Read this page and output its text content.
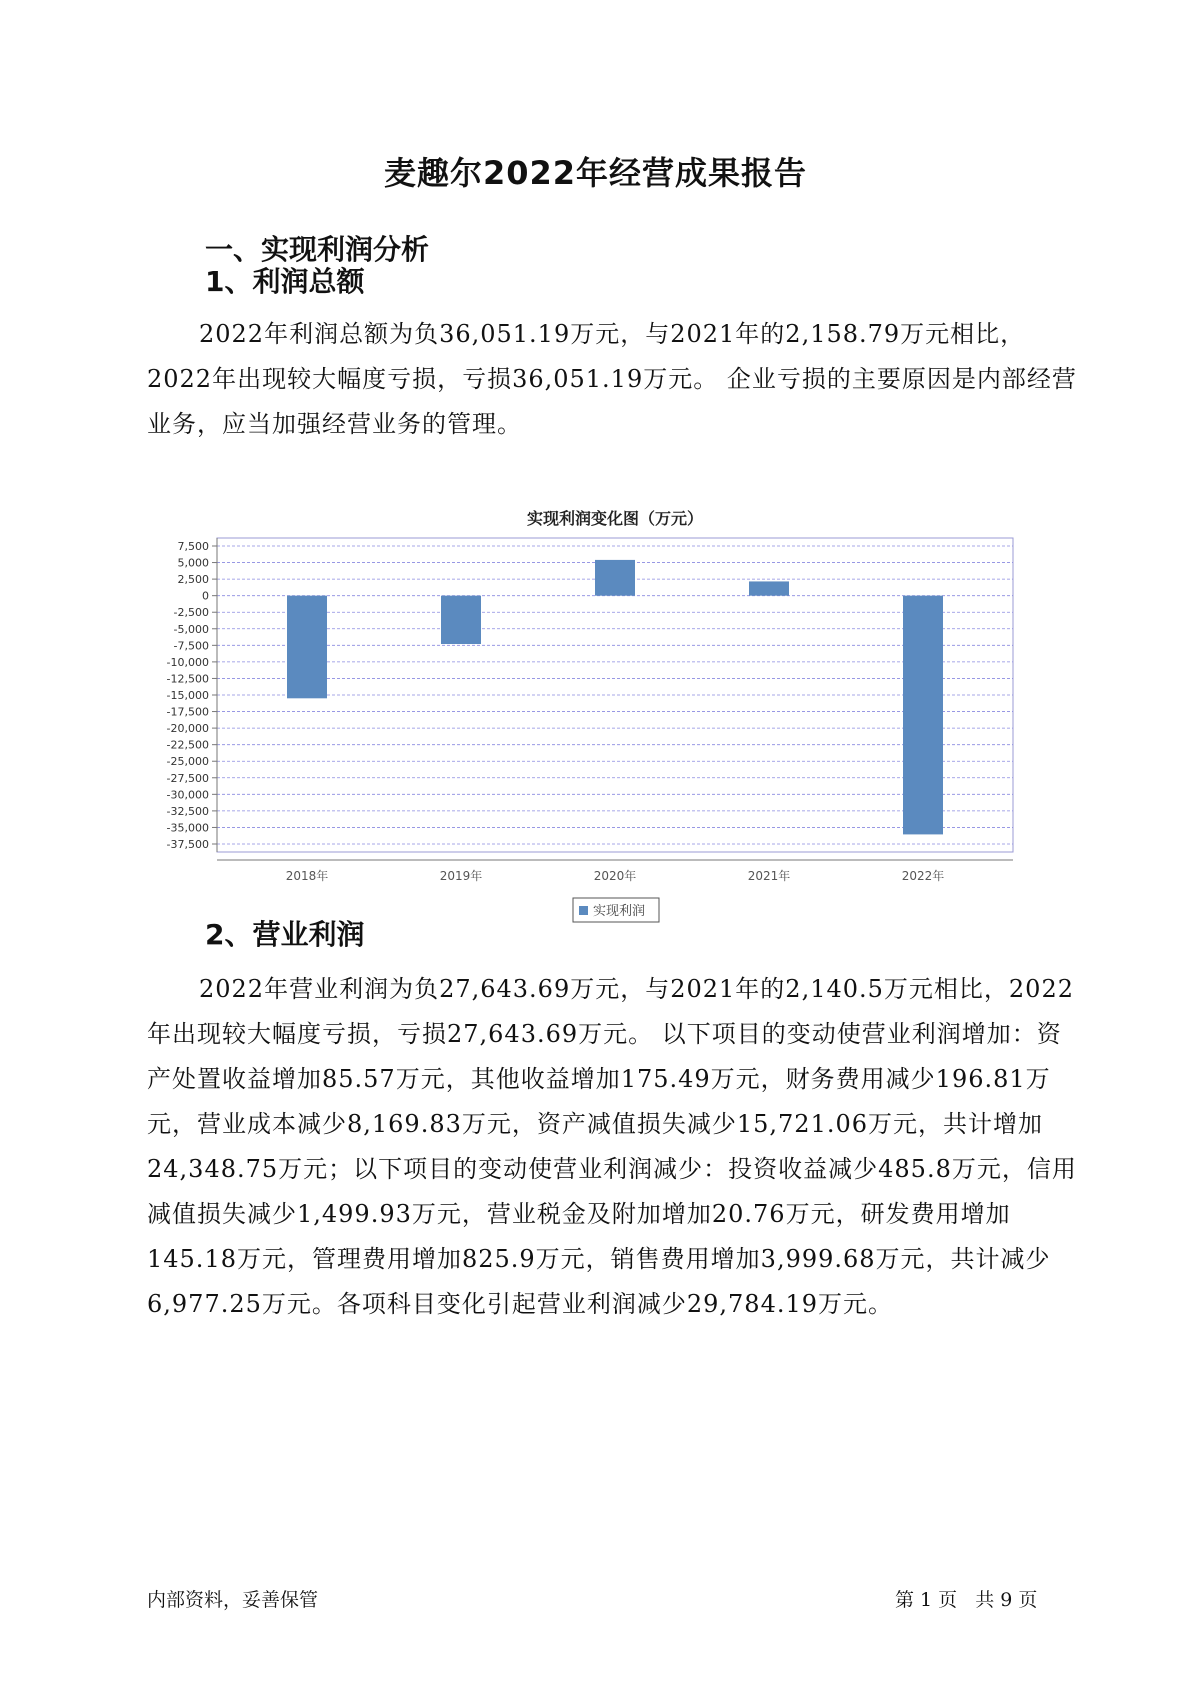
麦趣尔2022年经营成果报告
一、实现利润分析
1、利润总额

2022年利润总额为负36,051.19万元，与2021年的2,158.79万元相比，2022年出现较大幅度亏损，亏损36,051.19万元。 企业亏损的主要原因是内部经营业务，应当加强经营业务的管理。

实现利润变化图（万元）
7,500
5,000
2,500
0
-2,500
-5,000
-7,500
-10,000
-12,500
-15,000
-17,500
-20,000
-22,500
-25,000
-27,500
-30,000
-32,500
-35,000
-37,500
2018年	2019年	2020年	2021年	2022年
实现利润
2、营业利润

2022年营业利润为负27,643.69万元，与2021年的2,140.5万元相比，2022年出现较大幅度亏损，亏损27,643.69万元。 以下项目的变动使营业利润增加：资产处置收益增加85.57万元，其他收益增加175.49万元，财务费用减少196.81万元，营业成本减少8,169.83万元，资产减值损失减少15,721.06万元，共计增加24,348.75万元；以下项目的变动使营业利润减少：投资收益减少485.8万元，信用减值损失减少1,499.93万元，营业税金及附加增加20.76万元，研发费用增加145.18万元，管理费用增加825.9万元，销售费用增加3,999.68万元，共计减少6,977.25万元。各项科目变化引起营业利润减少29,784.19万元。

内部资料，妥善保管	第 1 页 共 9 页
